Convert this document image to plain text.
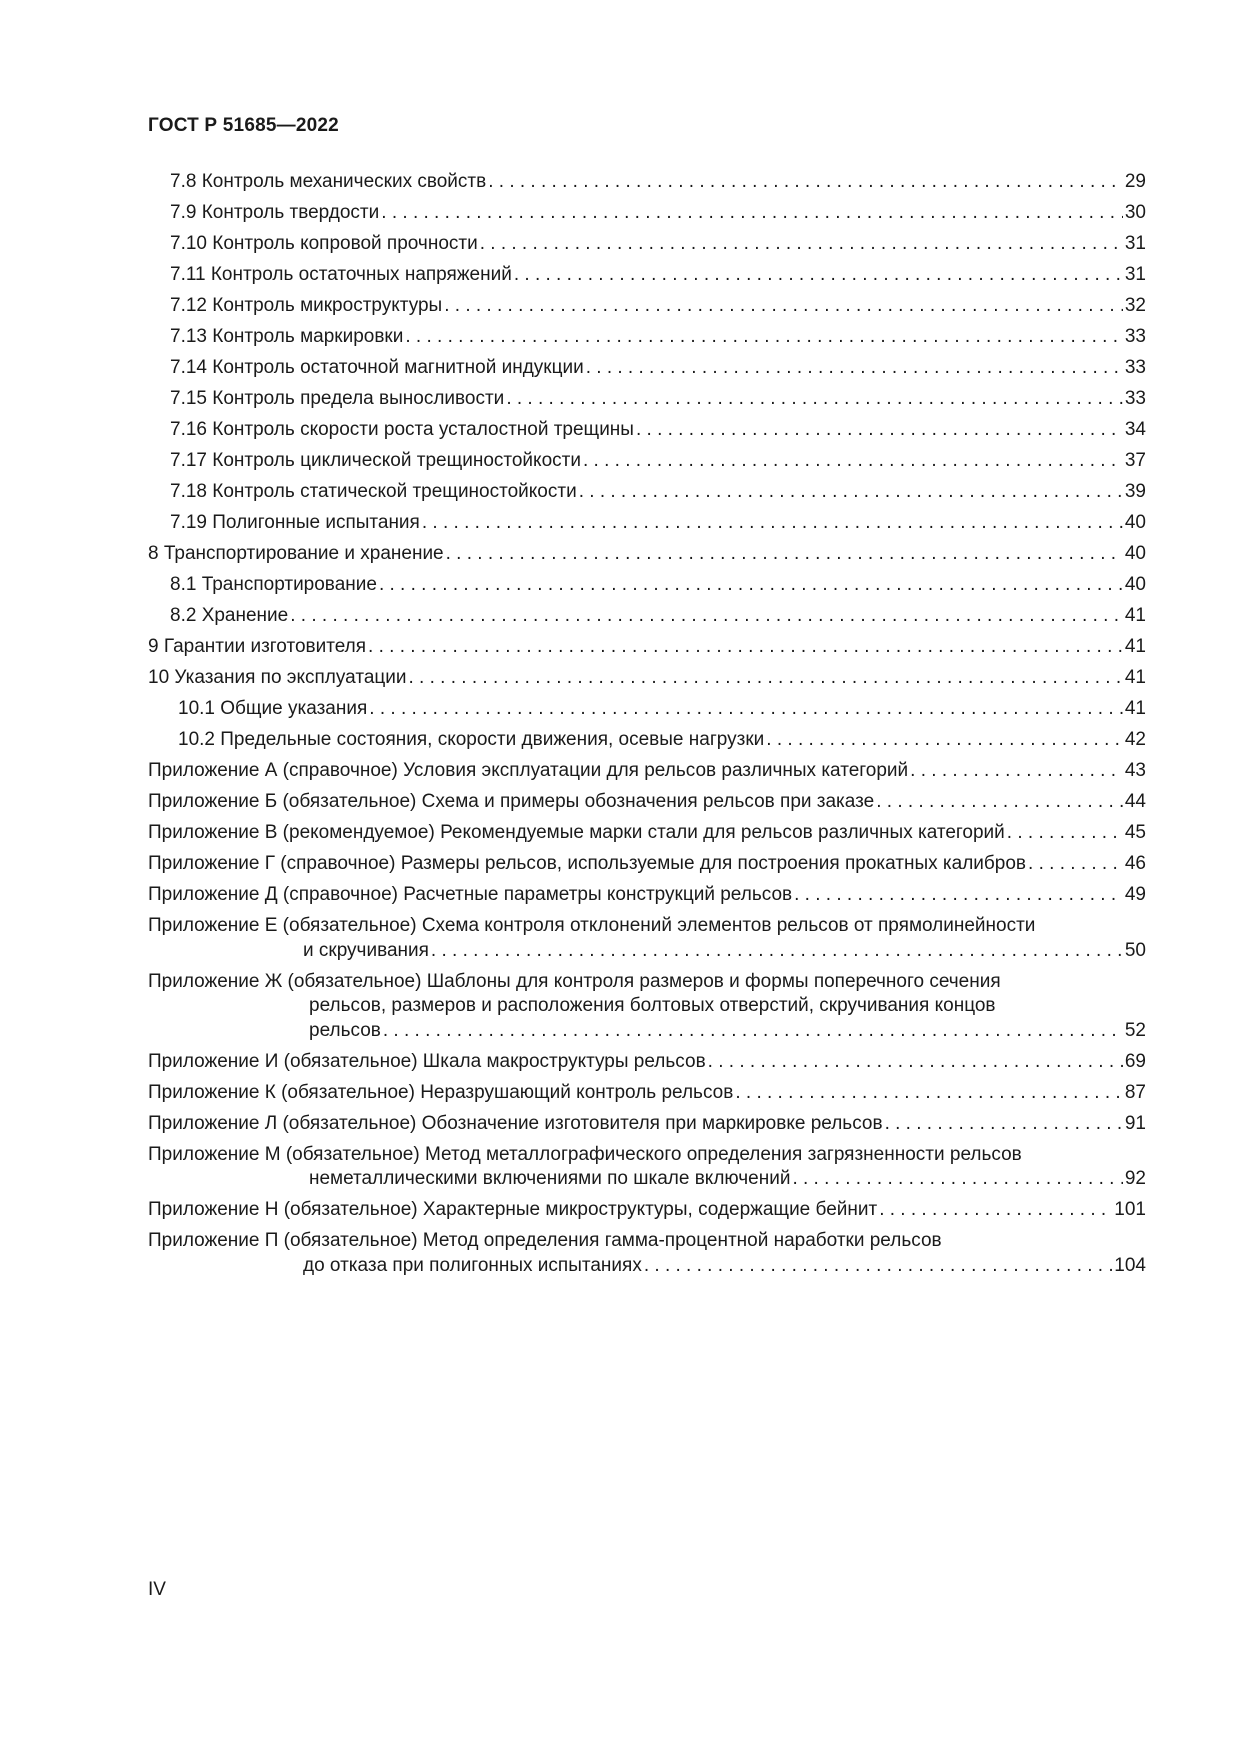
ГОСТ Р 51685—2022
7.8 Контроль механических свойств . . .	29
7.9 Контроль твердости . . .	30
7.10 Контроль копровой прочности . . .	31
7.11 Контроль остаточных напряжений . . .	31
7.12 Контроль микроструктуры . . .	32
7.13 Контроль маркировки . . .	33
7.14 Контроль остаточной магнитной индукции . . .	33
7.15 Контроль предела выносливости . . .	33
7.16 Контроль скорости роста усталостной трещины . . .	34
7.17 Контроль циклической трещиностойкости . . .	37
7.18 Контроль статической трещиностойкости . . .	39
7.19 Полигонные испытания . . .	40
8 Транспортирование и хранение . . .	40
8.1 Транспортирование . . .	40
8.2 Хранение . . .	41
9 Гарантии изготовителя . . .	41
10 Указания по эксплуатации . . .	41
10.1 Общие указания . . .	41
10.2 Предельные состояния, скорости движения, осевые нагрузки . . .	42
Приложение А (справочное) Условия эксплуатации для рельсов различных категорий . . .	43
Приложение Б (обязательное) Схема и примеры обозначения рельсов при заказе . . .	44
Приложение В (рекомендуемое) Рекомендуемые марки стали для рельсов различных категорий . . .	45
Приложение Г (справочное) Размеры рельсов, используемые для построения прокатных калибров . . .	46
Приложение Д (справочное) Расчетные параметры конструкций рельсов . . .	49
Приложение Е (обязательное) Схема контроля отклонений элементов рельсов от прямолинейности
и скручивания . . .	50
Приложение Ж (обязательное) Шаблоны для контроля размеров и формы поперечного сечения
рельсов, размеров и расположения болтовых отверстий, скручивания концов
рельсов . . .	52
Приложение И (обязательное) Шкала макроструктуры рельсов . . .	69
Приложение К (обязательное) Неразрушающий контроль рельсов . . .	87
Приложение Л (обязательное) Обозначение изготовителя при маркировке рельсов . . .	91
Приложение М (обязательное) Метод металлографического определения загрязненности рельсов
неметаллическими включениями по шкале включений . . .	92
Приложение Н (обязательное) Характерные микроструктуры, содержащие бейнит . . .	101
Приложение П (обязательное) Метод определения гамма-процентной наработки рельсов
до отказа при полигонных испытаниях . . .	104
IV
